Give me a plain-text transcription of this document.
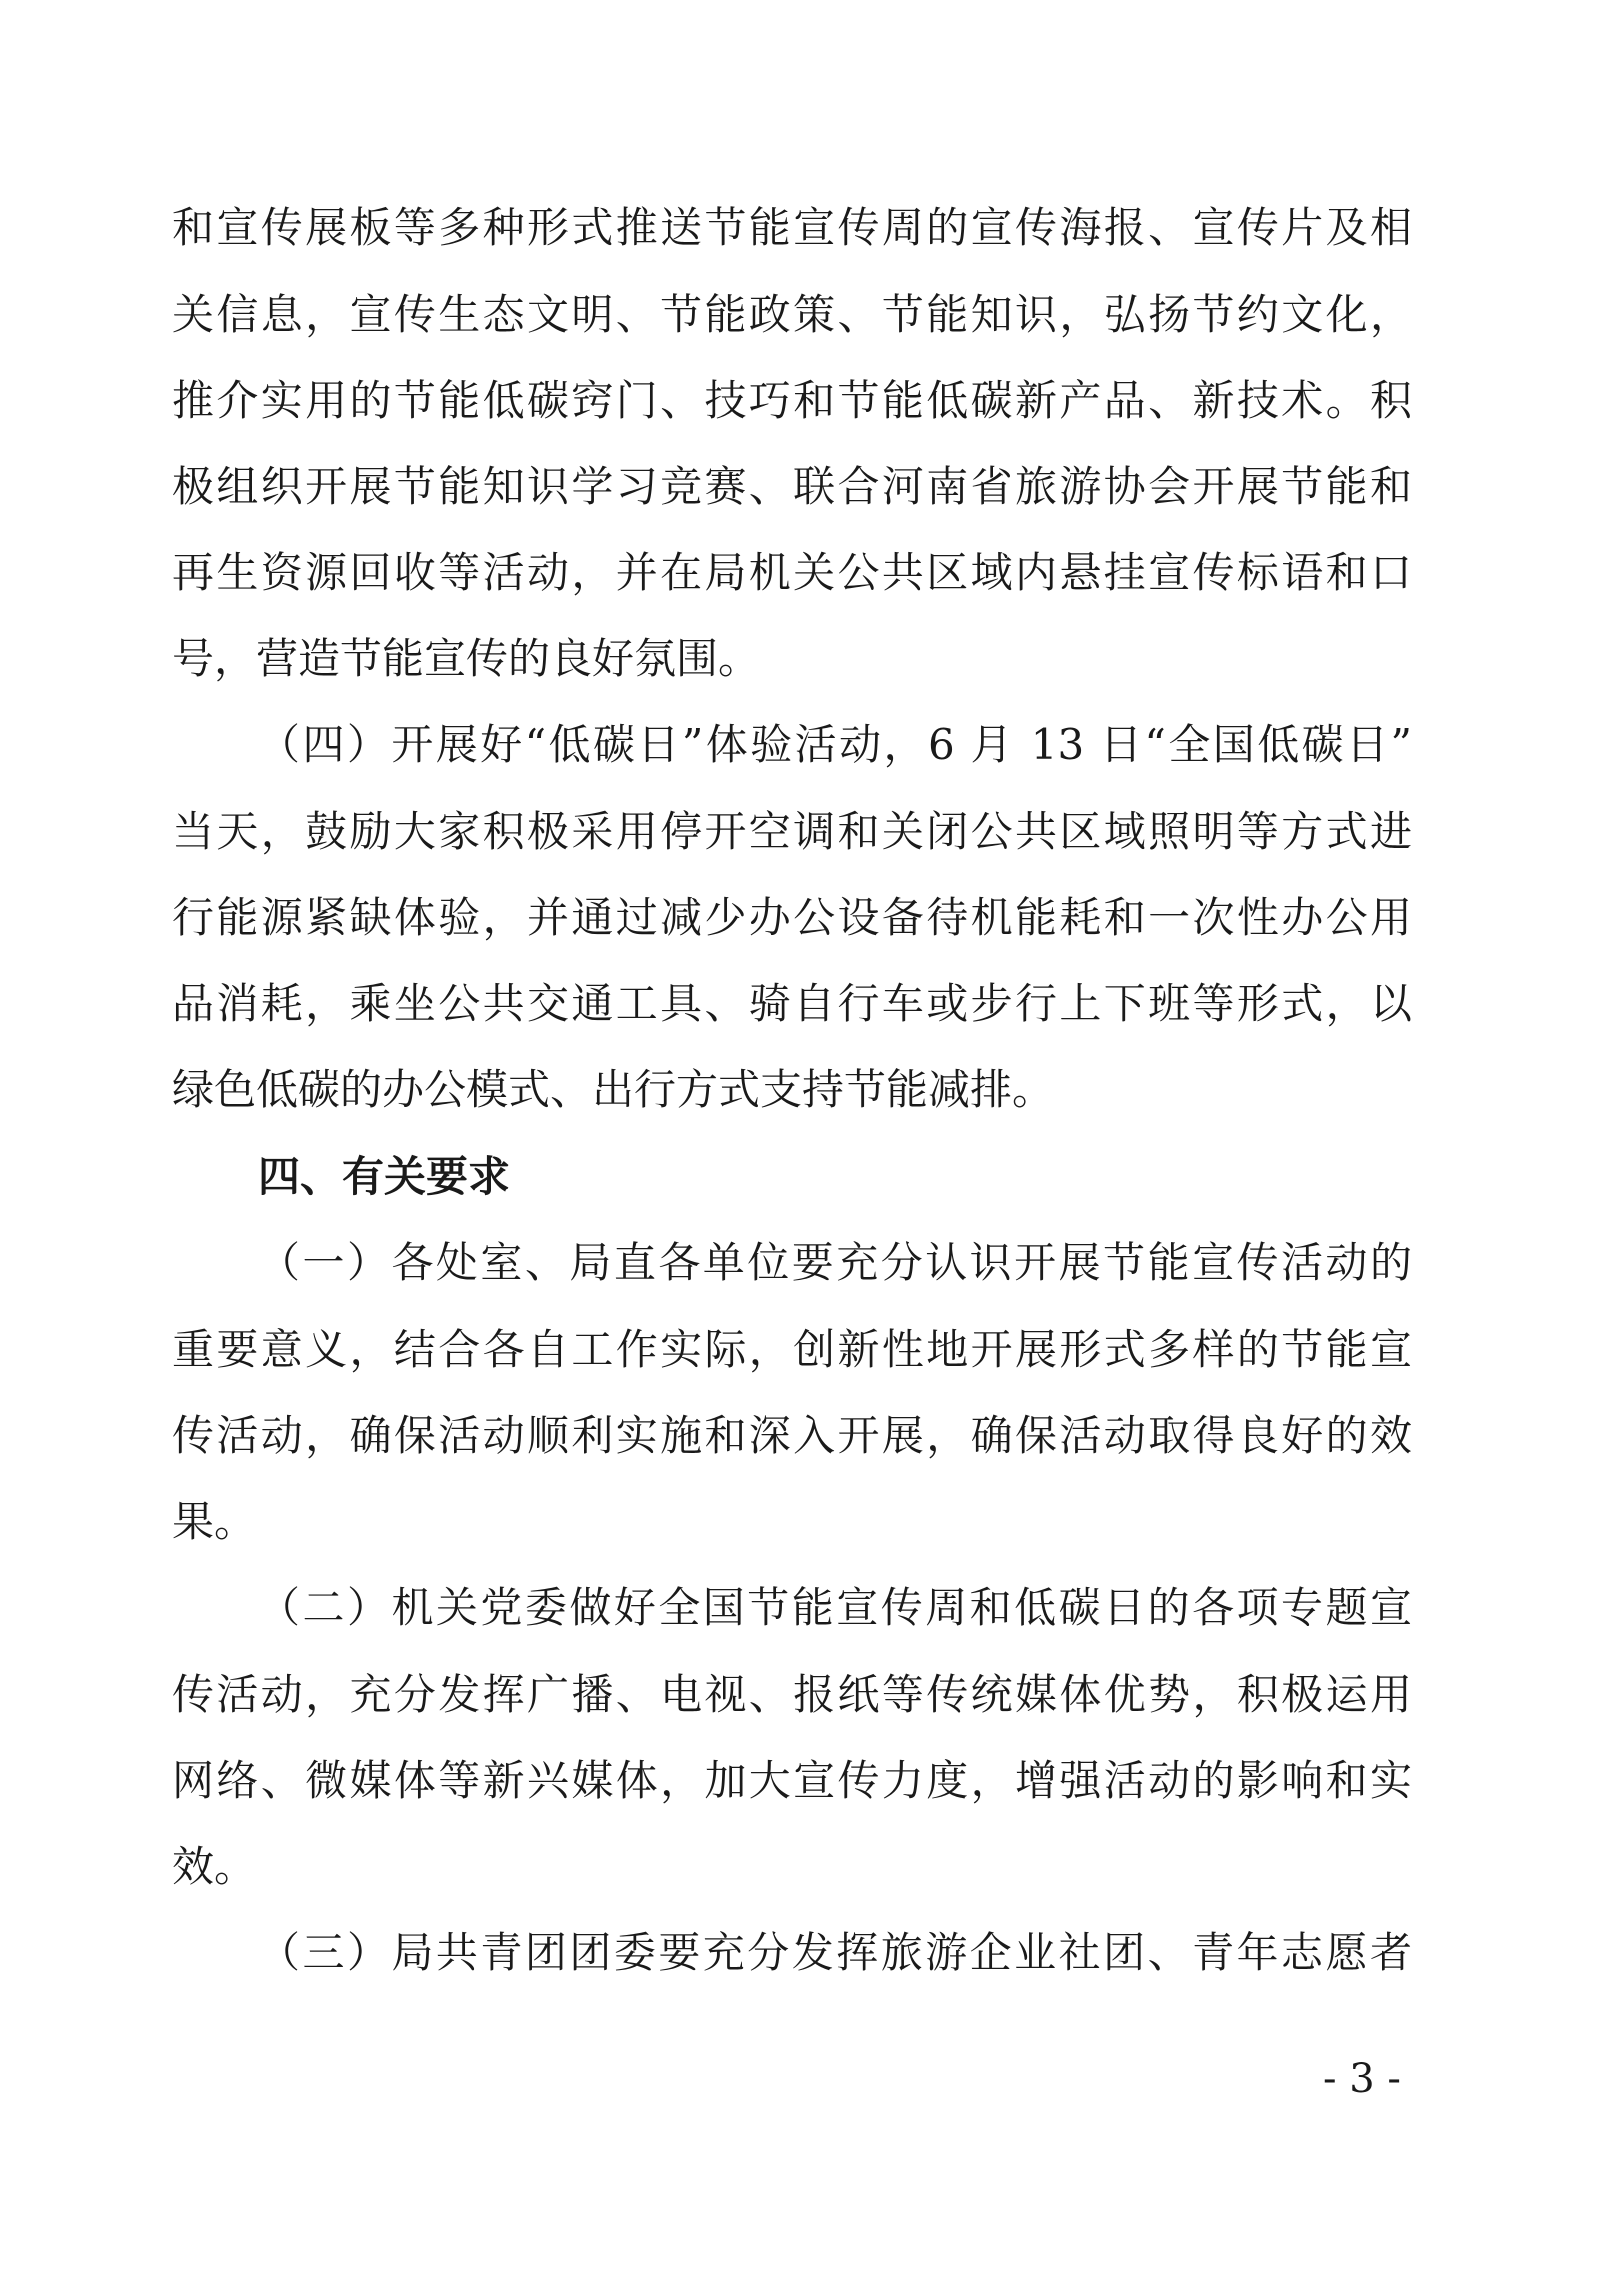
和宣传展板等多种形式推送节能宣传周的宣传海报、宣传片及相
关信息，宣传生态文明、节能政策、节能知识，弘扬节约文化，
推介实用的节能低碳窍门、技巧和节能低碳新产品、新技术。积
极组织开展节能知识学习竞赛、联合河南省旅游协会开展节能和
再生资源回收等活动，并在局机关公共区域内悬挂宣传标语和口
号，营造节能宣传的良好氛围。
（四）开展好“低碳日”体验活动，6 月 13 日“全国低碳日”
当天，鼓励大家积极采用停开空调和关闭公共区域照明等方式进
行能源紧缺体验，并通过减少办公设备待机能耗和一次性办公用
品消耗，乘坐公共交通工具、骑自行车或步行上下班等形式，以
绿色低碳的办公模式、出行方式支持节能减排。
四、有关要求
（一）各处室、局直各单位要充分认识开展节能宣传活动的
重要意义，结合各自工作实际，创新性地开展形式多样的节能宣
传活动，确保活动顺利实施和深入开展，确保活动取得良好的效
果。
（二）机关党委做好全国节能宣传周和低碳日的各项专题宣
传活动，充分发挥广播、电视、报纸等传统媒体优势，积极运用
网络、微媒体等新兴媒体，加大宣传力度，增强活动的影响和实
效。
（三）局共青团团委要充分发挥旅游企业社团、青年志愿者
- 3 -
